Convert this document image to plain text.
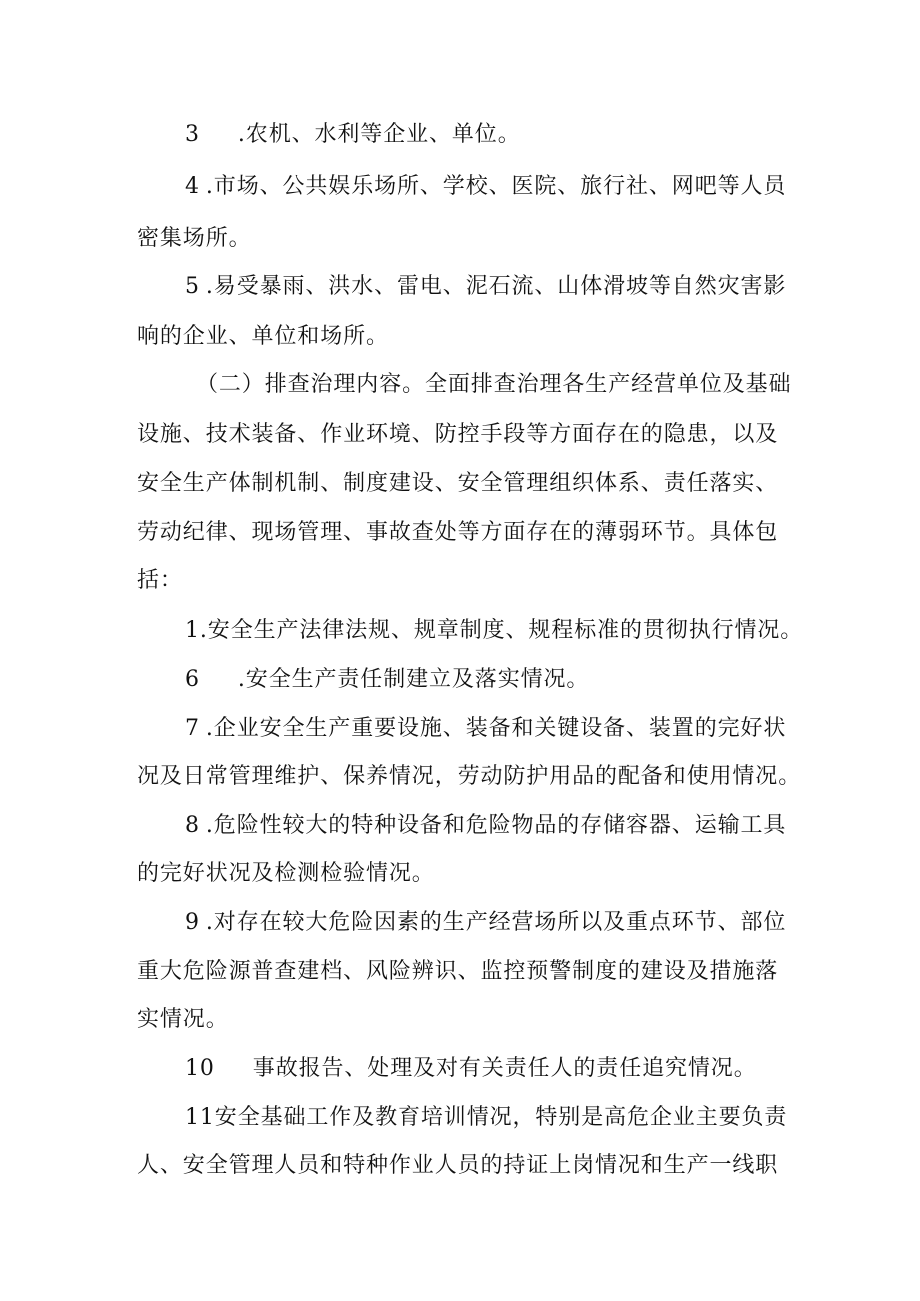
3 .农机、水利等企业、单位。
4 .市场、公共娱乐场所、学校、医院、旅行社、网吧等人员
密集场所。
5 .易受暴雨、洪水、雷电、泥石流、山体滑坡等自然灾害影
响的企业、单位和场所。
（二）排查治理内容。全面排查治理各生产经营单位及基础
设施、技术装备、作业环境、防控手段等方面存在的隐患，以及
安全生产体制机制、制度建设、安全管理组织体系、责任落实、
劳动纪律、现场管理、事故查处等方面存在的薄弱环节。具体包
括：
1.安全生产法律法规、规章制度、规程标准的贯彻执行情况。
6 .安全生产责任制建立及落实情况。
7 .企业安全生产重要设施、装备和关键设备、装置的完好状
况及日常管理维护、保养情况，劳动防护用品的配备和使用情况。
8 .危险性较大的特种设备和危险物品的存储容器、运输工具
的完好状况及检测检验情况。
9 .对存在较大危险因素的生产经营场所以及重点环节、部位
重大危险源普查建档、风险辨识、监控预警制度的建设及措施落
实情况。
10 事故报告、处理及对有关责任人的责任追究情况。
11安全基础工作及教育培训情况，特别是高危企业主要负责
人、安全管理人员和特种作业人员的持证上岗情况和生产一线职
